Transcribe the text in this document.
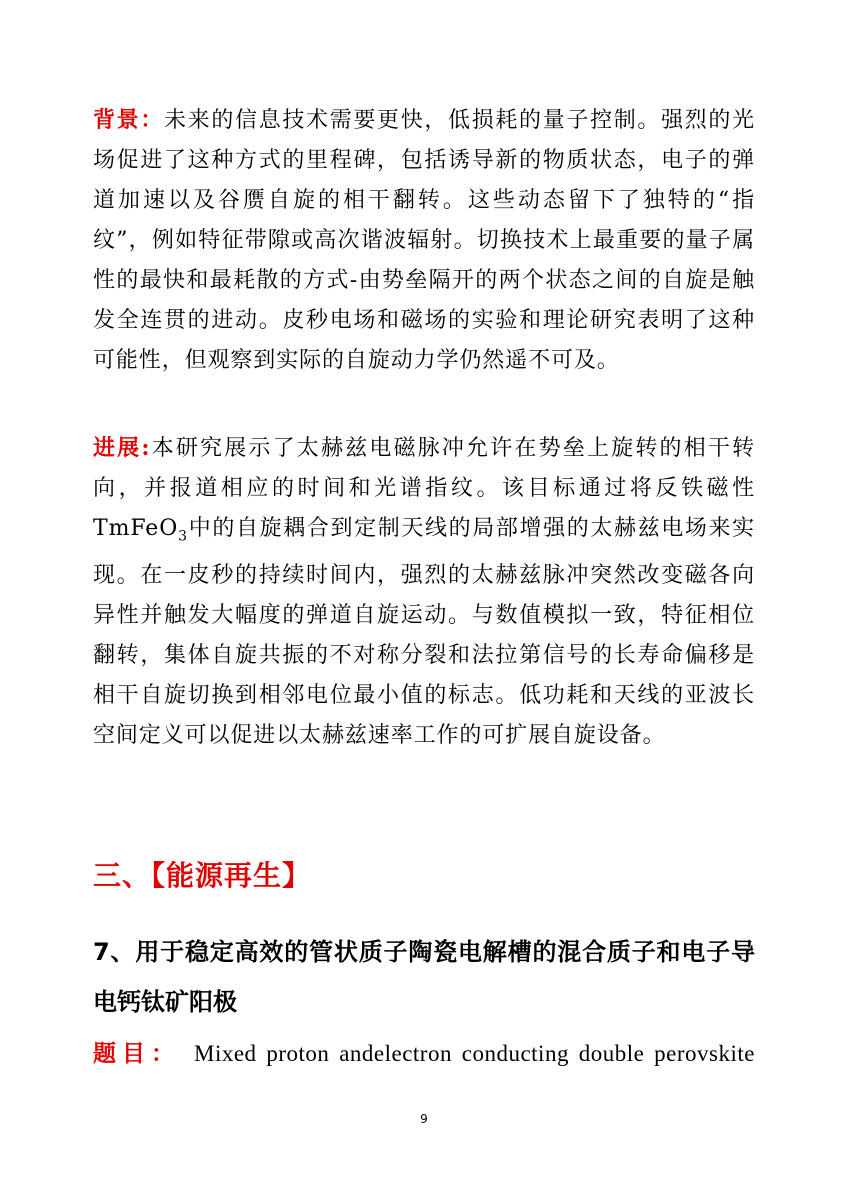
背景：未来的信息技术需要更快，低损耗的量子控制。强烈的光场促进了这种方式的里程碑，包括诱导新的物质状态，电子的弹道加速以及谷赝自旋的相干翻转。这些动态留下了独特的“指纹”，例如特征带隙或高次谐波辐射。切换技术上最重要的量子属性的最快和最耗散的方式-由势垒隔开的两个状态之间的自旋是触发全连贯的进动。皮秒电场和磁场的实验和理论研究表明了这种可能性，但观察到实际的自旋动力学仍然遥不可及。

进展:本研究展示了太赫兹电磁脉冲允许在势垒上旋转的相干转向，并报道相应的时间和光谱指纹。该目标通过将反铁磁性 TmFeO$_3$中的自旋耦合到定制天线的局部增强的太赫兹电场来实现。在一皮秒的持续时间内，强烈的太赫兹脉冲突然改变磁各向异性并触发大幅度的弹道自旋运动。与数值模拟一致，特征相位翻转，集体自旋共振的不对称分裂和法拉第信号的长寿命偏移是相干自旋切换到相邻电位最小值的标志。低功耗和天线的亚波长空间定义可以促进以太赫兹速率工作的可扩展自旋设备。

三、【能源再生】
7、用于稳定高效的管状质子陶瓷电解槽的混合质子和电子导电钙钛矿阳极
题目： Mixed proton andelectron conducting double perovskite
9
